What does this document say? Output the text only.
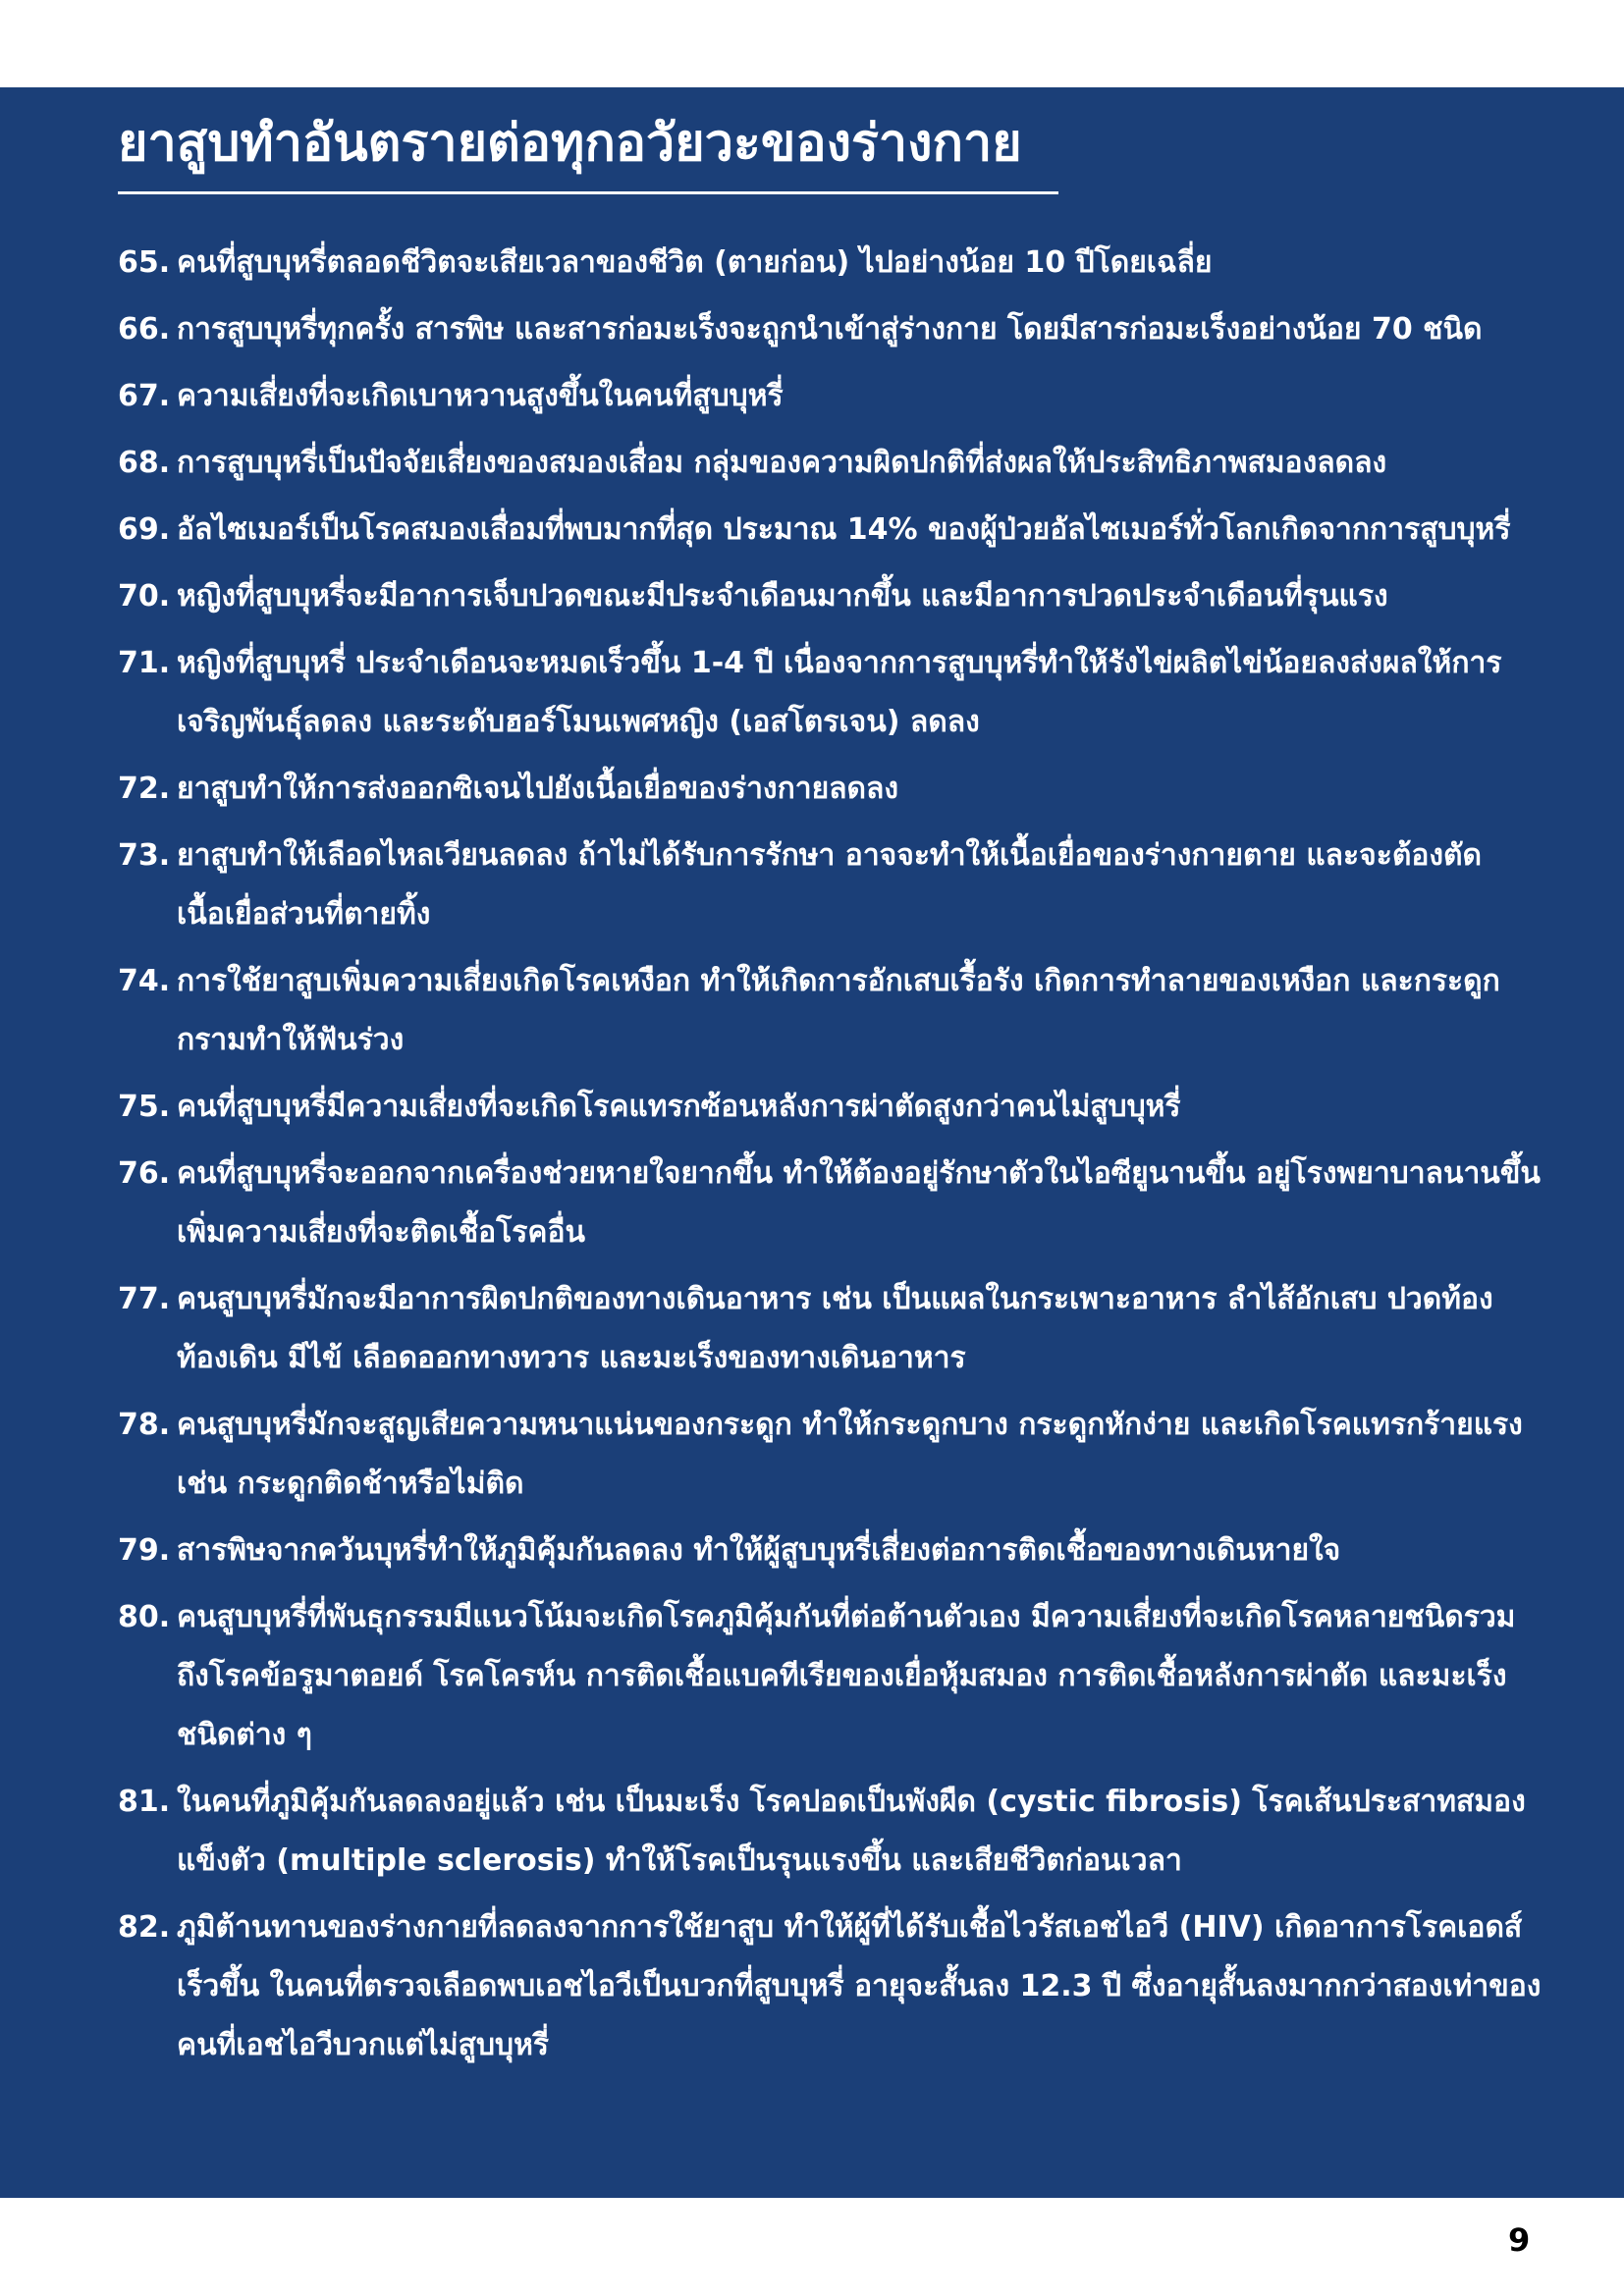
ยาสูบทำอันตรายต่อทุกอวัยวะของร่างกาย
65. คนที่สูบบุหรี่ตลอดชีวิตจะเสียเวลาของชีวิต (ตายก่อน) ไปอย่างน้อย 10 ปีโดยเฉลี่ย
66. การสูบบุหรี่ทุกครั้ง สารพิษ และสารก่อมะเร็งจะถูกนำเข้าสู่ร่างกาย โดยมีสารก่อมะเร็งอย่างน้อย 70 ชนิด
67. ความเสี่ยงที่จะเกิดเบาหวานสูงขึ้นในคนที่สูบบุหรี่
68. การสูบบุหรี่เป็นปัจจัยเสี่ยงของสมองเสื่อม กลุ่มของความผิดปกติที่ส่งผลให้ประสิทธิภาพสมองลดลง
69. อัลไซเมอร์เป็นโรคสมองเสื่อมที่พบมากที่สุด ประมาณ 14% ของผู้ป่วยอัลไซเมอร์ทั่วโลกเกิดจากการสูบบุหรี่
70. หญิงที่สูบบุหรี่จะมีอาการเจ็บปวดขณะมีประจำเดือนมากขึ้น และมีอาการปวดประจำเดือนที่รุนแรง
71. หญิงที่สูบบุหรี่ ประจำเดือนจะหมดเร็วขึ้น 1-4 ปี เนื่องจากการสูบบุหรี่ทำให้รังไข่ผลิตไข่น้อยลงส่งผลให้การเจริญพันธุ์ลดลง และระดับฮอร์โมนเพศหญิง (เอสโตรเจน) ลดลง
72. ยาสูบทำให้การส่งออกซิเจนไปยังเนื้อเยื่อของร่างกายลดลง
73. ยาสูบทำให้เลือดไหลเวียนลดลง ถ้าไม่ได้รับการรักษา อาจจะทำให้เนื้อเยื่อของร่างกายตาย และจะต้องตัดเนื้อเยื่อส่วนที่ตายทิ้ง
74. การใช้ยาสูบเพิ่มความเสี่ยงเกิดโรคเหงือก ทำให้เกิดการอักเสบเรื้อรัง เกิดการทำลายของเหงือก และกระดูกกรามทำให้ฟันร่วง
75. คนที่สูบบุหรี่มีความเสี่ยงที่จะเกิดโรคแทรกซ้อนหลังการผ่าตัดสูงกว่าคนไม่สูบบุหรี่
76. คนที่สูบบุหรี่จะออกจากเครื่องช่วยหายใจยากขึ้น ทำให้ต้องอยู่รักษาตัวในไอซียูนานขึ้น อยู่โรงพยาบาลนานขึ้น เพิ่มความเสี่ยงที่จะติดเชื้อโรคอื่น
77. คนสูบบุหรี่มักจะมีอาการผิดปกติของทางเดินอาหาร เช่น เป็นแผลในกระเพาะอาหาร ลำไส้อักเสบ ปวดท้องท้องเดิน มีไข้ เลือดออกทางทวาร และมะเร็งของทางเดินอาหาร
78. คนสูบบุหรี่มักจะสูญเสียความหนาแน่นของกระดูก ทำให้กระดูกบาง กระดูกหักง่าย และเกิดโรคแทรกร้ายแรง เช่น กระดูกติดช้าหรือไม่ติด
79. สารพิษจากควันบุหรี่ทำให้ภูมิคุ้มกันลดลง ทำให้ผู้สูบบุหรี่เสี่ยงต่อการติดเชื้อของทางเดินหายใจ
80. คนสูบบุหรี่ที่พันธุกรรมมีแนวโน้มจะเกิดโรคภูมิคุ้มกันที่ต่อต้านตัวเอง มีความเสี่ยงที่จะเกิดโรคหลายชนิดรวมถึงโรคข้อรูมาตอยด์ โรคโครห์น การติดเชื้อแบคทีเรียของเยื่อหุ้มสมอง การติดเชื้อหลังการผ่าตัด และมะเร็งชนิดต่าง ๆ
81. ในคนที่ภูมิคุ้มกันลดลงอยู่แล้ว เช่น เป็นมะเร็ง โรคปอดเป็นพังผืด (cystic fibrosis) โรคเส้นประสาทสมองแข็งตัว (multiple sclerosis) ทำให้โรคเป็นรุนแรงขึ้น และเสียชีวิตก่อนเวลา
82. ภูมิต้านทานของร่างกายที่ลดลงจากการใช้ยาสูบ ทำให้ผู้ที่ได้รับเชื้อไวรัสเอชไอวี (HIV) เกิดอาการโรคเอดส์เร็วขึ้น ในคนที่ตรวจเลือดพบเอชไอวีเป็นบวกที่สูบบุหรี่ อายุจะสั้นลง 12.3 ปี ซึ่งอายุสั้นลงมากกว่าสองเท่าของคนที่เอชไอวีบวกแต่ไม่สูบบุหรี่
9
